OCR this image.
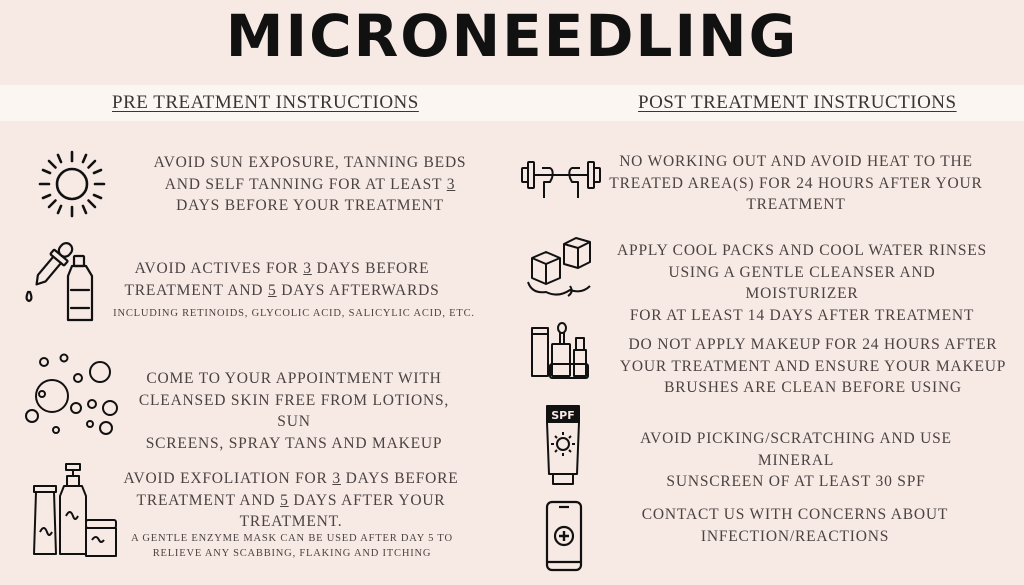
MICRONEEDLING
PRE TREATMENT INSTRUCTIONS	POST TREATMENT INSTRUCTIONS
AVOID SUN EXPOSURE, TANNING BEDS
AND SELF TANNING FOR AT LEAST 3
DAYS BEFORE YOUR TREATMENT
AVOID ACTIVES FOR 3 DAYS BEFORE
TREATMENT AND 5 DAYS AFTERWARDS
INCLUDING RETINOIDS, GLYCOLIC ACID, SALICYLIC ACID, ETC.
COME TO YOUR APPOINTMENT WITH
CLEANSED SKIN FREE FROM LOTIONS, SUN
SCREENS, SPRAY TANS AND MAKEUP
AVOID EXFOLIATION FOR 3 DAYS BEFORE
TREATMENT AND 5 DAYS AFTER YOUR
TREATMENT.
A GENTLE ENZYME MASK CAN BE USED AFTER DAY 5 TO
RELIEVE ANY SCABBING, FLAKING AND ITCHING
NO WORKING OUT AND AVOID HEAT TO THE
TREATED AREA(S) FOR 24 HOURS AFTER YOUR
TREATMENT
APPLY COOL PACKS AND COOL WATER RINSES
USING A GENTLE CLEANSER AND MOISTURIZER
FOR AT LEAST 14 DAYS AFTER TREATMENT
DO NOT APPLY MAKEUP FOR 24 HOURS AFTER
YOUR TREATMENT AND ENSURE YOUR MAKEUP
BRUSHES ARE CLEAN BEFORE USING
SPF
AVOID PICKING/SCRATCHING AND USE MINERAL
SUNSCREEN OF AT LEAST 30 SPF
CONTACT US WITH CONCERNS ABOUT
INFECTION/REACTIONS
